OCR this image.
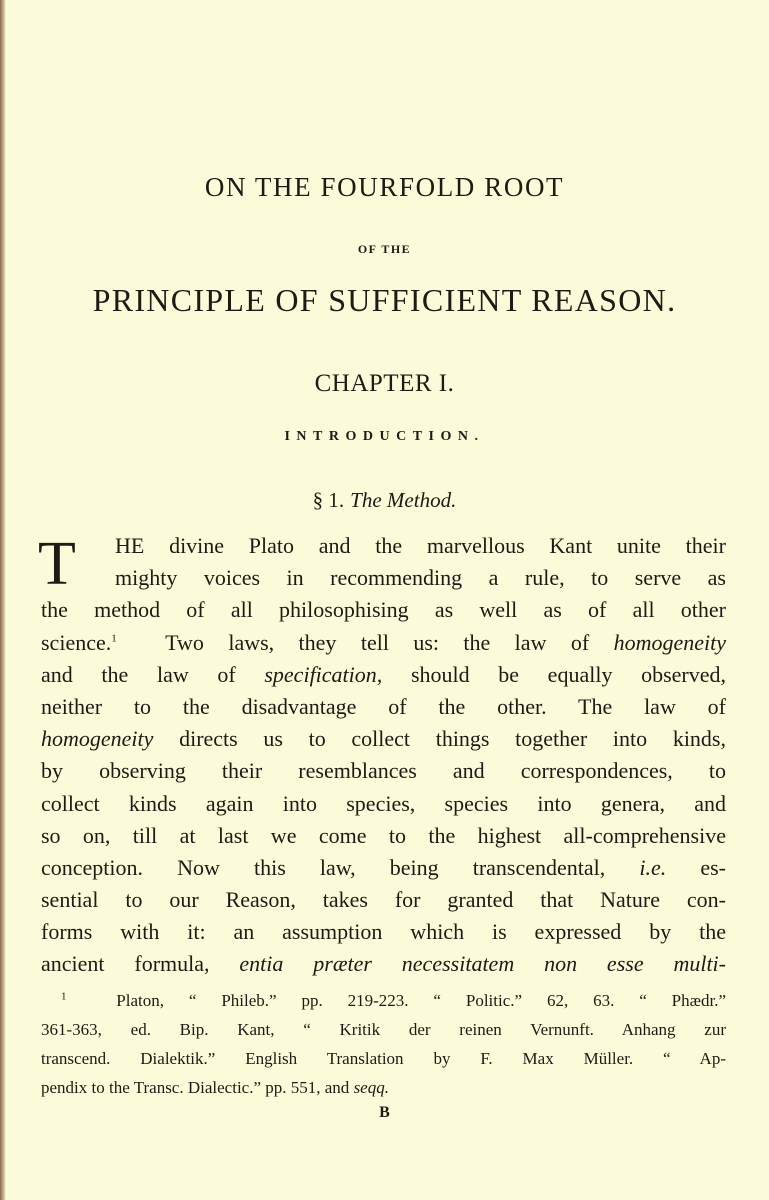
ON THE FOURFOLD ROOT
OF THE
PRINCIPLE OF SUFFICIENT REASON.
CHAPTER I.
INTRODUCTION.
§ 1. The Method.
T	HE divine Plato and the marvellous Kant unite their
mighty voices in recommending a rule, to serve as
the method of all philosophising as well as of all other
science.$^1$ Two laws, they tell us: the law of homogeneity
and the law of specification, should be equally observed,
neither to the disadvantage of the other. The law of
homogeneity directs us to collect things together into kinds,
by observing their resemblances and correspondences, to
collect kinds again into species, species into genera, and
so on, till at last we come to the highest all-comprehensive
conception. Now this law, being transcendental, i.e. es-
sential to our Reason, takes for granted that Nature con-
forms with it: an assumption which is expressed by the
ancient formula, entia præter necessitatem non esse multi-
$^1$	Platon, “ Phileb.” pp. 219-223. “ Politic.” 62, 63. “ Phædr.”
361-363, ed. Bip. Kant, “ Kritik der reinen Vernunft. Anhang zur
transcend. Dialektik.” English Translation by F. Max Müller. “ Ap-
pendix to the Transc. Dialectic.” pp. 551, and seqq.
B
